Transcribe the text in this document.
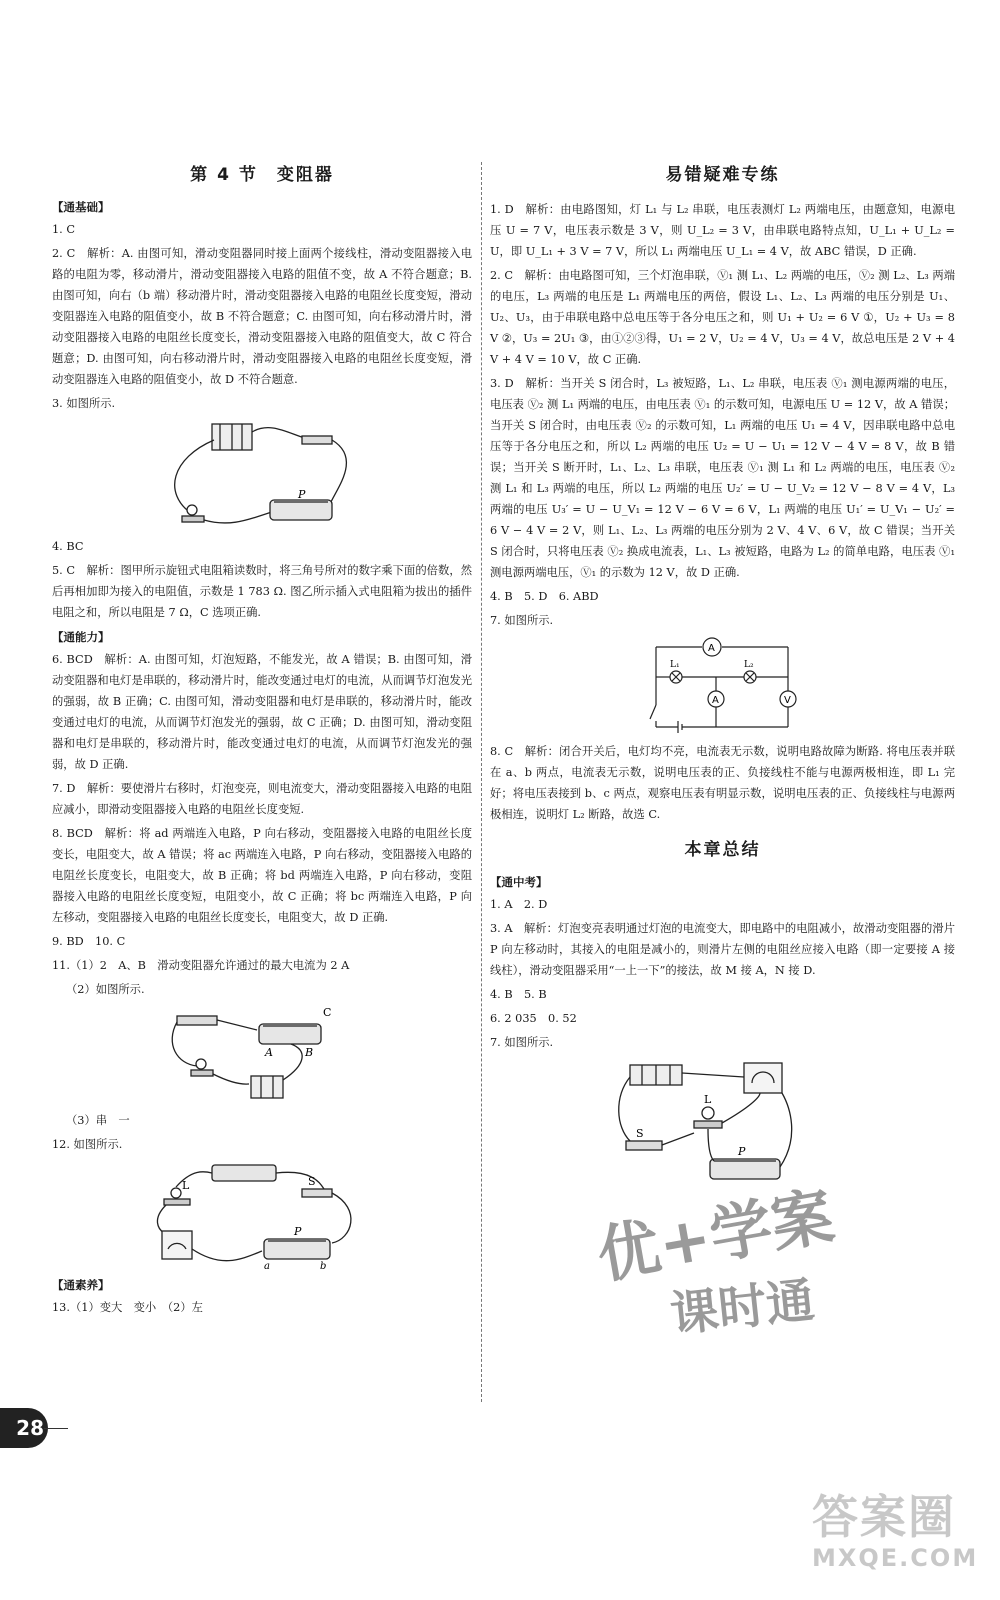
第 4 节　变阻器
【 通基础 】

1. C

2. C　解析：A. 由图可知，滑动变阻器同时接上面两个接线柱，滑动变阻器接入电路的电阻为零，移动滑片，滑动变阻器接入电路的阻值不变，故 A 不符合题意；B. 由图可知，向右（b 端）移动滑片时，滑动变阻器接入电路的电阻丝长度变短，滑动变阻器连入电路的阻值变小，故 B 不符合题意；C. 由图可知，向右移动滑片时，滑动变阻器接入电路的电阻丝长度变长，滑动变阻器接入电路的阻值变大，故 C 符合题意；D. 由图可知，向右移动滑片时，滑动变阻器接入电路的电阻丝长度变短，滑动变阻器连入电路的阻值变小，故 D 不符合题意.

3. 如图所示.

P

4. BC

5. C　解析：图甲所示旋钮式电阻箱读数时，将三角号所对的数字乘下面的倍数，然后再相加即为接入的电阻值，示数是 1 783 Ω. 图乙所示插入式电阻箱为拔出的插件电阻之和，所以电阻是 7 Ω，C 选项正确.

【 通能力 】

6. BCD　解析：A. 由图可知，灯泡短路，不能发光，故 A 错误；B. 由图可知，滑动变阻器和电灯是串联的，移动滑片时，能改变通过电灯的电流，从而调节灯泡发光的强弱，故 B 正确；C. 由图可知，滑动变阻器和电灯是串联的，移动滑片时，能改变通过电灯的电流，从而调节灯泡发光的强弱，故 C 正确；D. 由图可知，滑动变阻器和电灯是串联的，移动滑片时，能改变通过电灯的电流，从而调节灯泡发光的强弱，故 D 正确.

7. D　解析：要使滑片右移时，灯泡变亮，则电流变大，滑动变阻器接入电路的电阻应减小，即滑动变阻器接入电路的电阻丝长度变短.

8. BCD　解析：将 ad 两端连入电路，P 向右移动，变阻器接入电路的电阻丝长度变长，电阻变大，故 A 错误；将 ac 两端连入电路，P 向右移动，变阻器接入电路的电阻丝长度变长，电阻变大，故 B 正确；将 bd 两端连入电路，P 向右移动，变阻器接入电路的电阻丝长度变短，电阻变小，故 C 正确；将 bc 两端连入电路，P 向左移动，变阻器接入电路的电阻丝长度变长，电阻变大，故 D 正确.

9. BD　10. C

11.（1）2　A、B　滑动变阻器允许通过的最大电流为 2 A

（2）如图所示.

C
A	B

（3）串　一

12. 如图所示.

L	S
P
a	b
【 通素养 】

13.（1）变大　变小　（2）左

易错疑难专练

1. D　解析：由电路图知，灯 L₁ 与 L₂ 串联，电压表测灯 L₂ 两端电压，由题意知，电源电压 U = 7 V，电压表示数是 3 V，则 U_L₂ = 3 V，由串联电路特点知，U_L₁ + U_L₂ = U，即 U_L₁ + 3 V = 7 V，所以 L₁ 两端电压 U_L₁ = 4 V，故 ABC 错误，D 正确.

2. C　解析：由电路图可知，三个灯泡串联，Ⓥ₁ 测 L₁、L₂ 两端的电压，Ⓥ₂ 测 L₂、L₃ 两端的电压，L₃ 两端的电压是 L₁ 两端电压的两倍，假设 L₁、L₂、L₃ 两端的电压分别是 U₁、U₂、U₃，由于串联电路中总电压等于各分电压之和，则 U₁ + U₂ = 6 V ①，U₂ + U₃ = 8 V ②，U₃ = 2U₁ ③，由①②③得，U₁ = 2 V，U₂ = 4 V，U₃ = 4 V，故总电压是 2 V + 4 V + 4 V = 10 V，故 C 正确.

3. D　解析：当开关 S 闭合时，L₃ 被短路，L₁、L₂ 串联，电压表 Ⓥ₁ 测电源两端的电压，电压表 Ⓥ₂ 测 L₁ 两端的电压，由电压表 Ⓥ₁ 的示数可知，电源电压 U = 12 V，故 A 错误；当开关 S 闭合时，由电压表 Ⓥ₂ 的示数可知，L₁ 两端的电压 U₁ = 4 V，因串联电路中总电压等于各分电压之和，所以 L₂ 两端的电压 U₂ = U − U₁ = 12 V − 4 V = 8 V，故 B 错误；当开关 S 断开时，L₁、L₂、L₃ 串联，电压表 Ⓥ₁ 测 L₁ 和 L₂ 两端的电压，电压表 Ⓥ₂ 测 L₁ 和 L₃ 两端的电压，所以 L₂ 两端的电压 U₂′ = U − U_V₂ = 12 V − 8 V = 4 V，L₃ 两端的电压 U₃′ = U − U_V₁ = 12 V − 6 V = 6 V，L₁ 两端的电压 U₁′ = U_V₁ − U₂′ = 6 V − 4 V = 2 V，则 L₁、L₂、L₃ 两端的电压分别为 2 V、4 V、6 V，故 C 错误；当开关 S 闭合时，只将电压表 Ⓥ₂ 换成电流表，L₁、L₃ 被短路，电路为 L₂ 的简单电路，电压表 Ⓥ₁ 测电源两端电压，Ⓥ₁ 的示数为 12 V，故 D 正确.

4. B　5. D　6. ABD

7. 如图所示.

A
L₁	L₂
A	V

8. C　解析：闭合开关后，电灯均不亮，电流表无示数，说明电路故障为断路. 将电压表并联在 a、b 两点，电流表无示数，说明电压表的正、负接线柱不能与电源两极相连，即 L₁ 完好；将电压表接到 b、c 两点，观察电压表有明显示数，说明电压表的正、负接线柱与电源两极相连，说明灯 L₂ 断路，故选 C.

本章总结
【 通中考 】

1. A　2. D

3. A　解析：灯泡变亮表明通过灯泡的电流变大，即电路中的电阻减小，故滑动变阻器的滑片 P 向左移动时，其接入的电阻是减小的，则滑片左侧的电阻丝应接入电路（即一定要接 A 接线柱），滑动变阻器采用“一上一下”的接法，故 M 接 A，N 接 D.

4. B　5. B

6. 2 035　0. 52

7. 如图所示.

L
S
P
优+学案
课时通
28
答案圈
MXQE.COM
